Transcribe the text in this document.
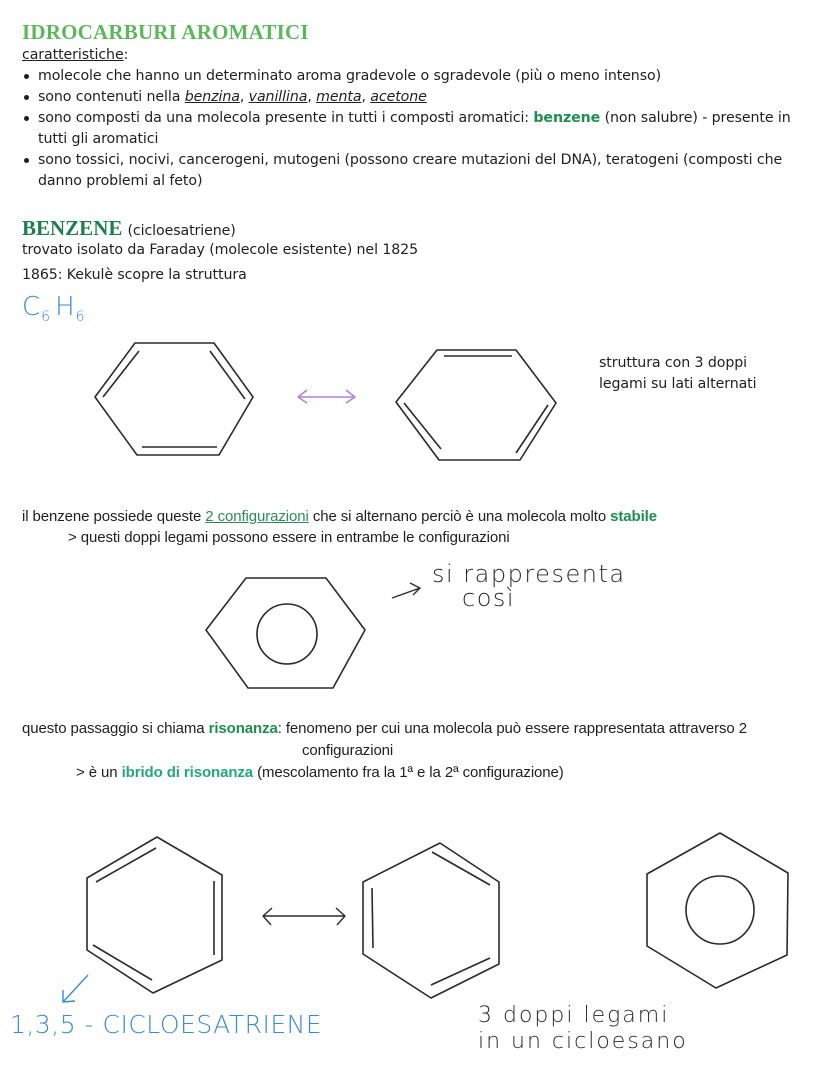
IDROCARBURI AROMATICI
caratteristiche:
molecole che hanno un determinato aroma gradevole o sgradevole (più o meno intenso)
sono contenuti nella benzina, vanillina, menta, acetone
sono composti da una molecola presente in tutti i composti aromatici: benzene (non salubre) - presente in
tutti gli aromatici
sono tossici, nocivi, cancerogeni, mutogeni (possono creare mutazioni del DNA), teratogeni (composti che
danno problemi al feto)
BENZENE (cicloesatriene)
trovato isolato da Faraday (molecole esistente) nel 1825
1865: Kekulè scopre la struttura
$C_6$ $H_6$
struttura con 3 doppi
legami su lati alternati
il benzene possiede queste 2 configurazioni che si alternano perciò è una molecola molto stabile
> questi doppi legami possono essere in entrambe le configurazioni
si rappresenta
così
questo passaggio si chiama risonanza: fenomeno per cui una molecola può essere rappresentata attraverso 2
configurazioni
> è un ibrido di risonanza (mescolamento fra la 1ª e la 2ª configurazione)
1,3,5 - CICLOESATRIENE	3 doppi legami
in un cicloesano
